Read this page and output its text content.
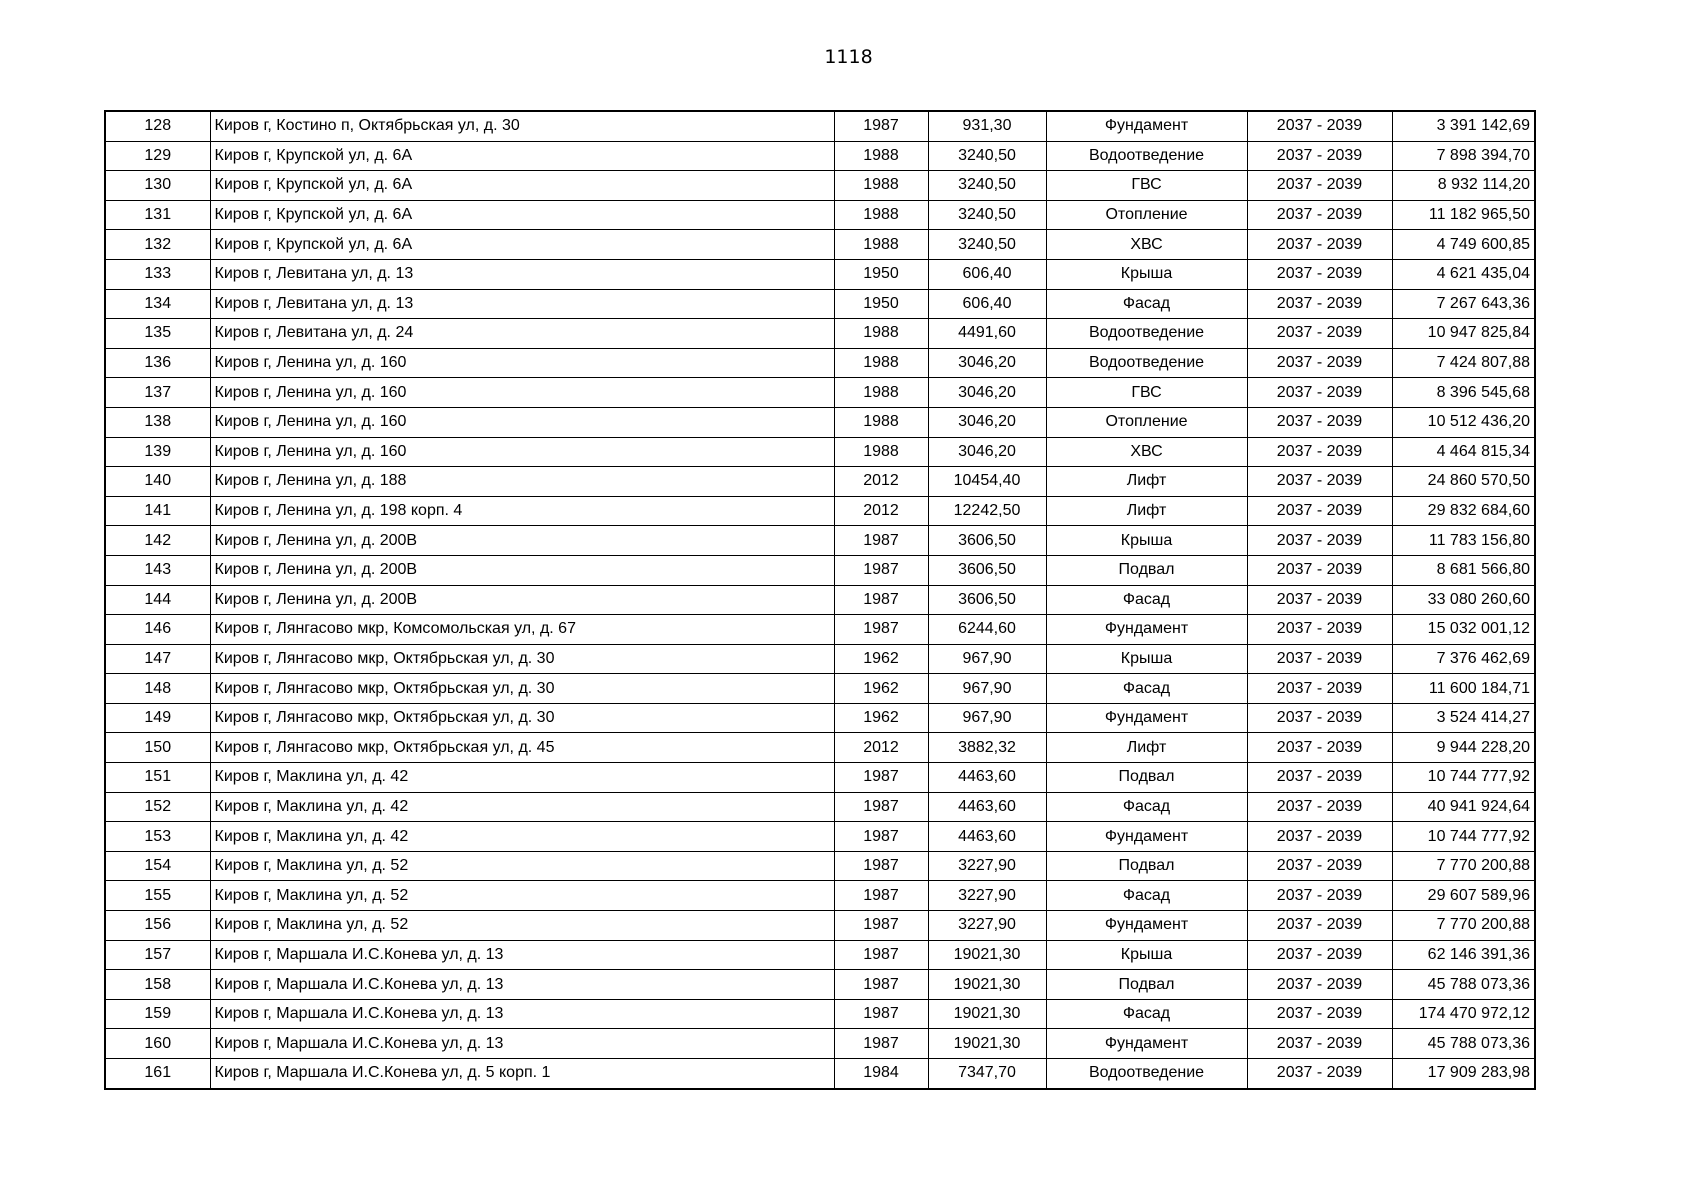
1118
128	Киров г, Костино п, Октябрьская ул, д. 30	1987	931,30	Фундамент	2037 - 2039	3 391 142,69
129	Киров г, Крупской ул, д. 6А	1988	3240,50	Водоотведение	2037 - 2039	7 898 394,70
130	Киров г, Крупской ул, д. 6А	1988	3240,50	ГВС	2037 - 2039	8 932 114,20
131	Киров г, Крупской ул, д. 6А	1988	3240,50	Отопление	2037 - 2039	11 182 965,50
132	Киров г, Крупской ул, д. 6А	1988	3240,50	ХВС	2037 - 2039	4 749 600,85
133	Киров г, Левитана ул, д. 13	1950	606,40	Крыша	2037 - 2039	4 621 435,04
134	Киров г, Левитана ул, д. 13	1950	606,40	Фасад	2037 - 2039	7 267 643,36
135	Киров г, Левитана ул, д. 24	1988	4491,60	Водоотведение	2037 - 2039	10 947 825,84
136	Киров г, Ленина ул, д. 160	1988	3046,20	Водоотведение	2037 - 2039	7 424 807,88
137	Киров г, Ленина ул, д. 160	1988	3046,20	ГВС	2037 - 2039	8 396 545,68
138	Киров г, Ленина ул, д. 160	1988	3046,20	Отопление	2037 - 2039	10 512 436,20
139	Киров г, Ленина ул, д. 160	1988	3046,20	ХВС	2037 - 2039	4 464 815,34
140	Киров г, Ленина ул, д. 188	2012	10454,40	Лифт	2037 - 2039	24 860 570,50
141	Киров г, Ленина ул, д. 198 корп. 4	2012	12242,50	Лифт	2037 - 2039	29 832 684,60
142	Киров г, Ленина ул, д. 200В	1987	3606,50	Крыша	2037 - 2039	11 783 156,80
143	Киров г, Ленина ул, д. 200В	1987	3606,50	Подвал	2037 - 2039	8 681 566,80
144	Киров г, Ленина ул, д. 200В	1987	3606,50	Фасад	2037 - 2039	33 080 260,60
146	Киров г, Лянгасово мкр, Комсомольская ул, д. 67	1987	6244,60	Фундамент	2037 - 2039	15 032 001,12
147	Киров г, Лянгасово мкр, Октябрьская ул, д. 30	1962	967,90	Крыша	2037 - 2039	7 376 462,69
148	Киров г, Лянгасово мкр, Октябрьская ул, д. 30	1962	967,90	Фасад	2037 - 2039	11 600 184,71
149	Киров г, Лянгасово мкр, Октябрьская ул, д. 30	1962	967,90	Фундамент	2037 - 2039	3 524 414,27
150	Киров г, Лянгасово мкр, Октябрьская ул, д. 45	2012	3882,32	Лифт	2037 - 2039	9 944 228,20
151	Киров г, Маклина ул, д. 42	1987	4463,60	Подвал	2037 - 2039	10 744 777,92
152	Киров г, Маклина ул, д. 42	1987	4463,60	Фасад	2037 - 2039	40 941 924,64
153	Киров г, Маклина ул, д. 42	1987	4463,60	Фундамент	2037 - 2039	10 744 777,92
154	Киров г, Маклина ул, д. 52	1987	3227,90	Подвал	2037 - 2039	7 770 200,88
155	Киров г, Маклина ул, д. 52	1987	3227,90	Фасад	2037 - 2039	29 607 589,96
156	Киров г, Маклина ул, д. 52	1987	3227,90	Фундамент	2037 - 2039	7 770 200,88
157	Киров г, Маршала И.С.Конева ул, д. 13	1987	19021,30	Крыша	2037 - 2039	62 146 391,36
158	Киров г, Маршала И.С.Конева ул, д. 13	1987	19021,30	Подвал	2037 - 2039	45 788 073,36
159	Киров г, Маршала И.С.Конева ул, д. 13	1987	19021,30	Фасад	2037 - 2039	174 470 972,12
160	Киров г, Маршала И.С.Конева ул, д. 13	1987	19021,30	Фундамент	2037 - 2039	45 788 073,36
161	Киров г, Маршала И.С.Конева ул, д. 5 корп. 1	1984	7347,70	Водоотведение	2037 - 2039	17 909 283,98
